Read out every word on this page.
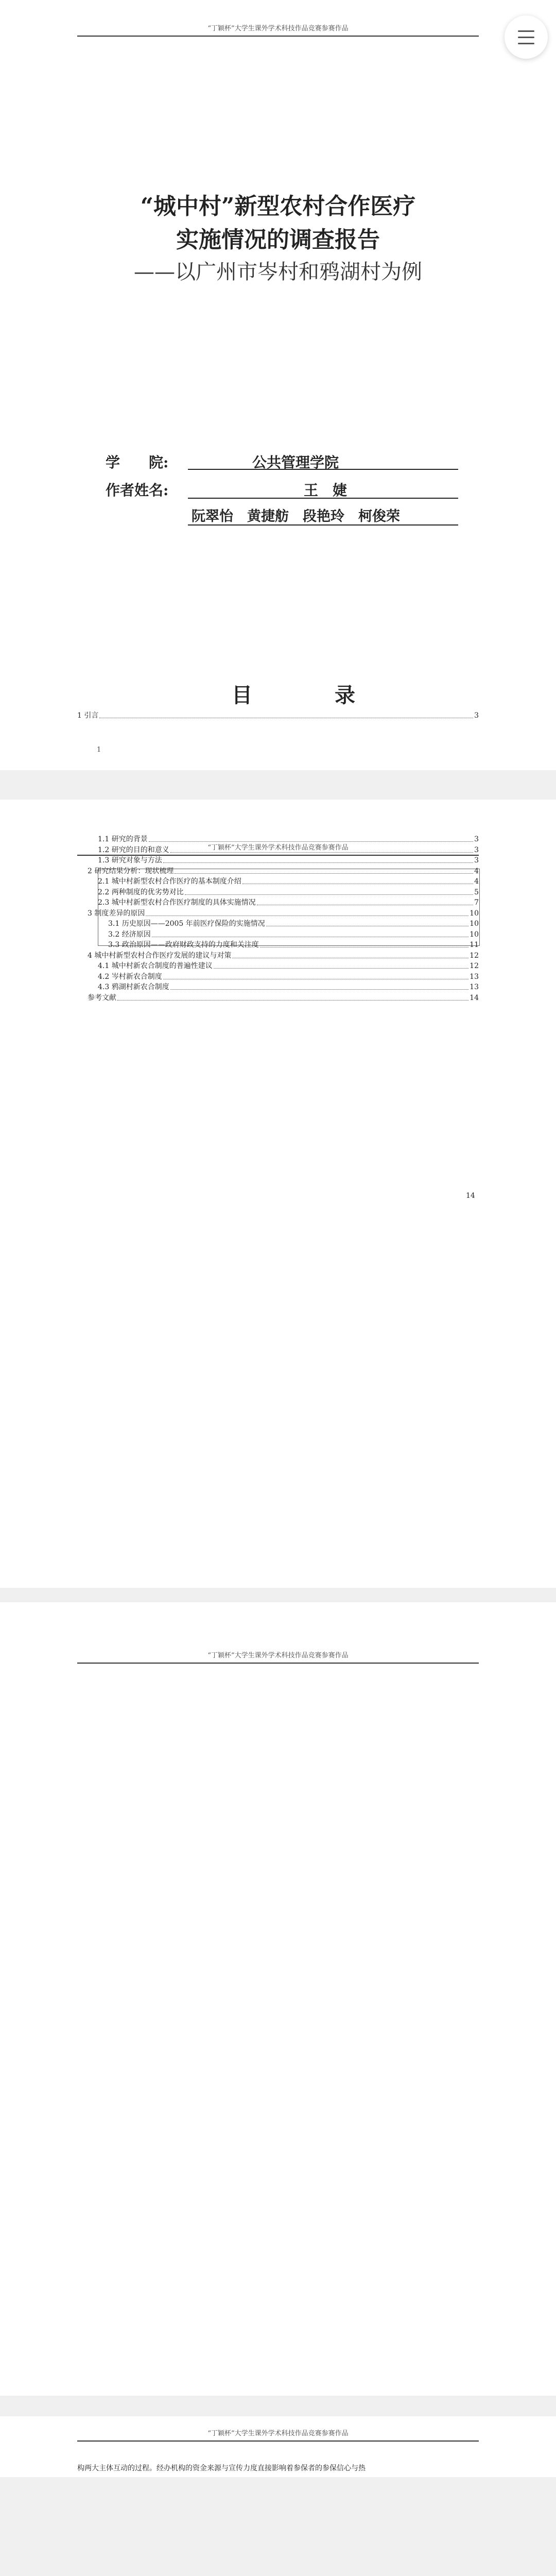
“丁颖杯”大学生课外学术科技作品竞赛参赛作品
“城中村”新型农村合作医疗
实施情况的调查报告
——以广州市岑村和鸦湖村为例
学　　院:	公共管理学院
作者姓名:	王　婕
阮翠怡　黄捷舫　段艳玲　柯俊荣
目　录
1 引言	3
1
“丁颖杯”大学生课外学术科技作品竞赛参赛作品
“丁颖杯”大学生课外学术科技作品竞赛参赛作品
“丁颖杯”大学生课外学术科技作品竞赛参赛作品
构两大主体互动的过程。经办机构的资金来源与宣传力度直接影响着参保者的参保信心与热
1.1 研究的背景	3
1.2 研究的目的和意义	3
1.3 研究对象与方法	3
2 研究结果分析：现状梳理	4
2.1 城中村新型农村合作医疗的基本制度介绍	4
2.2 两种制度的优劣势对比	5
2.3 城中村新型农村合作医疗制度的具体实施情况	7
3 制度差异的原因	10
3.1 历史原因——2005 年前医疗保险的实施情况	10
3.2 经济原因	10
3.3 政治原因——政府财政支持的力度和关注度	11
4 城中村新型农村合作医疗发展的建议与对策	12
4.1 城中村新农合制度的普遍性建议	12
4.2 岑村新农合制度	13
4.3 鸦湖村新农合制度	13
参考文献	14
14
